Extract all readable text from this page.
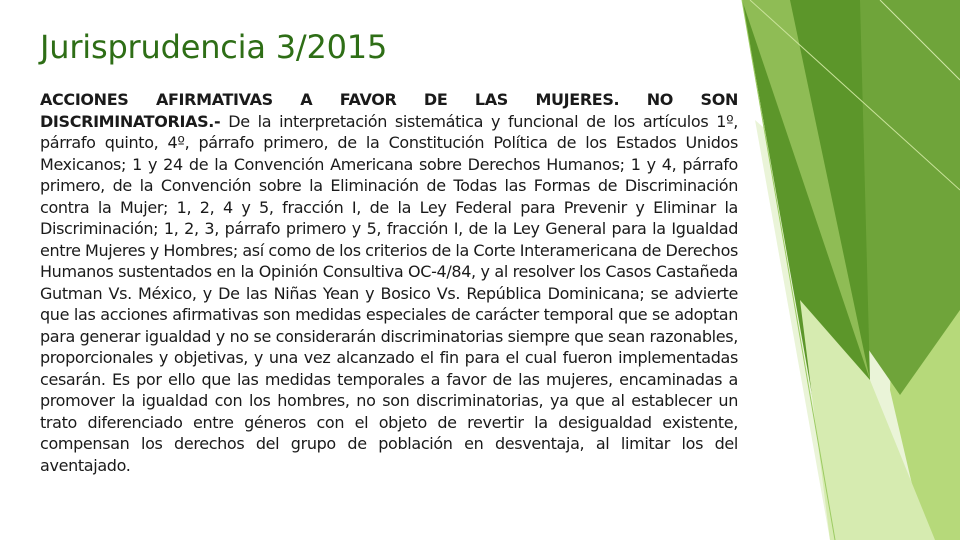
Jurisprudencia 3/2015
ACCIONES AFIRMATIVAS A FAVOR DE LAS MUJERES. NO SON DISCRIMINATORIAS.- De la interpretación sistemática y funcional de los artículos 1º, párrafo quinto, 4º, párrafo primero, de la Constitución Política de los Estados Unidos Mexicanos; 1 y 24 de la Convención Americana sobre Derechos Humanos; 1 y 4, párrafo primero, de la Convención sobre la Eliminación de Todas las Formas de Discriminación contra la Mujer; 1, 2, 4 y 5, fracción I, de la Ley Federal para Prevenir y Eliminar la Discriminación; 1, 2, 3, párrafo primero y 5, fracción I, de la Ley General para la Igualdad entre Mujeres y Hombres; así como de los criterios de la Corte Interamericana de Derechos Humanos sustentados en la Opinión Consultiva OC-4/84, y al resolver los Casos Castañeda Gutman Vs. México, y De las Niñas Yean y Bosico Vs. República Dominicana; se advierte que las acciones afirmativas son medidas especiales de carácter temporal que se adoptan para generar igualdad y no se considerarán discriminatorias siempre que sean razonables, proporcionales y objetivas, y una vez alcanzado el fin para el cual fueron implementadas cesarán. Es por ello que las medidas temporales a favor de las mujeres, encaminadas a promover la igualdad con los hombres, no son discriminatorias, ya que al establecer un trato diferenciado entre géneros con el objeto de revertir la desigualdad existente, compensan los derechos del grupo de población en desventaja, al limitar los del aventajado.
